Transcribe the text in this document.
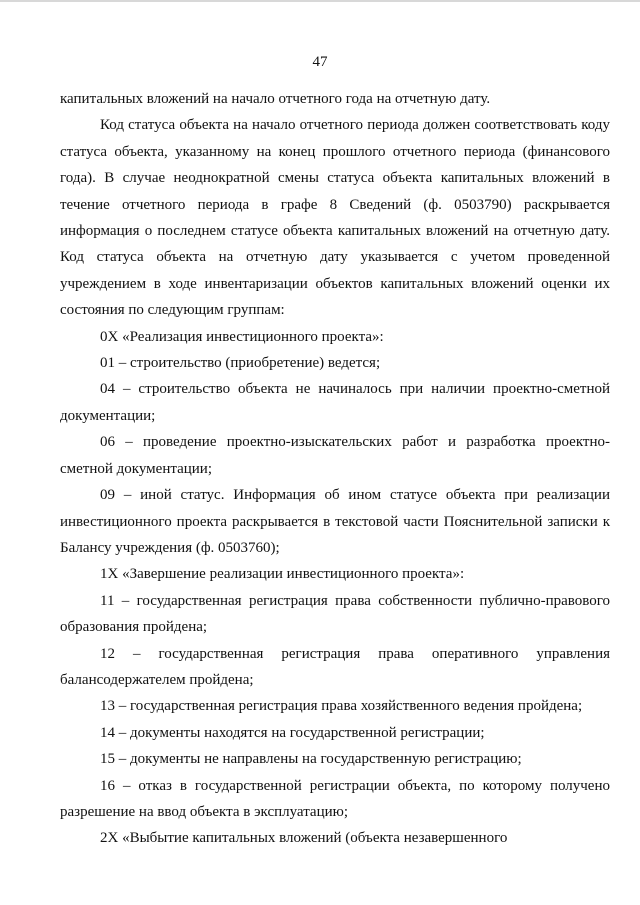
47

капитальных вложений на начало отчетного года на отчетную дату.

Код статуса объекта на начало отчетного периода должен соответствовать коду статуса объекта, указанному на конец прошлого отчетного периода (финансового года). В случае неоднократной смены статуса объекта капитальных вложений в течение отчетного периода в графе 8 Сведений (ф. 0503790) раскрывается информация о последнем статусе объекта капитальных вложений на отчетную дату. Код статуса объекта на отчетную дату указывается с учетом проведенной учреждением в ходе инвентаризации объектов капитальных вложений оценки их состояния по следующим группам:

0Х «Реализация инвестиционного проекта»:

01 – строительство (приобретение) ведется;

04 – строительство объекта не начиналось при наличии проектно-сметной документации;

06 – проведение проектно-изыскательских работ и разработка проектно-сметной документации;

09 – иной статус. Информация об ином статусе объекта при реализации инвестиционного проекта раскрывается в текстовой части Пояснительной записки к Балансу учреждения (ф. 0503760);

1Х «Завершение реализации инвестиционного проекта»:

11 – государственная регистрация права собственности публично-правового образования пройдена;

12 – государственная регистрация права оперативного управления балансодержателем пройдена;

13 – государственная регистрация права хозяйственного ведения пройдена;

14 – документы находятся на государственной регистрации;

15 – документы не направлены на государственную регистрацию;

16 – отказ в государственной регистрации объекта, по которому получено разрешение на ввод объекта в эксплуатацию;

2Х «Выбытие капитальных вложений (объекта незавершенного
